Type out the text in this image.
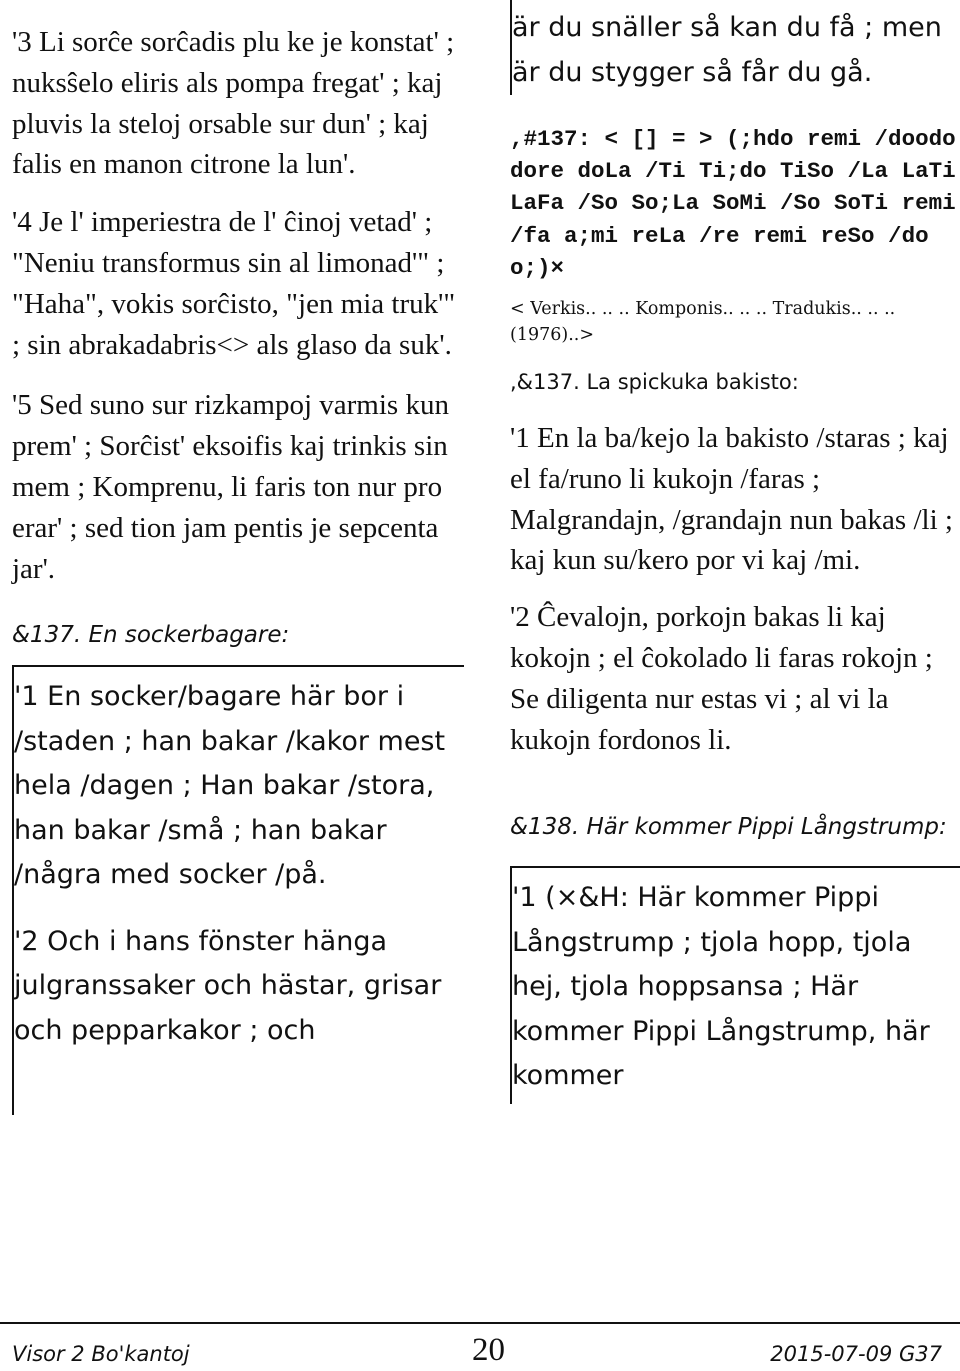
'3 Li sorĉe sorĉadis plu ke je konstat' ; nuksŝelo eliris als pompa fregat' ; kaj pluvis la steloj orsable sur dun' ; kaj falis en manon citrone la lun'.

'4 Je l' imperiestra de l' ĉinoj vetad' ; "Neniu transformus sin al limonad'" ; "Haha", vokis sorĉisto, "jen mia truk'" ; sin abrakadabris<> als glaso da suk'.

'5 Sed suno sur rizkampoj varmis kun prem' ; Sorĉist' eksoifis kaj trinkis sin mem ; Komprenu, li faris ton nur pro erar' ; sed tion jam pentis je sepcenta jar'.

&137. En sockerbagare:

'1 En socker/bagare här bor i /staden ; han bakar /kakor mest hela /dagen ; Han bakar /stora, han bakar /små ; han bakar /några med socker /på.

'2 Och i hans fönster hänga julgranssaker och hästar, grisar och pepparkakor ; och

är du snäller så kan du få ; men är du stygger så får du gå.

,#137: < [] = > (;hdo remi /doodo dore doLa /Ti Ti;do TiSo /La LaTi LaFa /So So;La SoMi /So SoTi remi /fa a;mi reLa /re remi reSo /do o;)×

< Verkis.. .. .. Komponis.. .. .. Tradukis.. .. .. (1976)..>

,&137. La spickuka bakisto:

'1 En la ba/kejo la bakisto /staras ; kaj el fa/runo li kukojn /faras ; Malgrandajn, /grandajn nun bakas /li ; kaj kun su/kero por vi kaj /mi.

'2 Ĉevalojn, porkojn bakas li kaj kokojn ; el ĉokolado li faras rokojn ; Se diligenta nur estas vi ; al vi la kukojn fordonos li.

&138. Här kommer Pippi Långstrump:

'1 (×&H: Här kommer Pippi Långstrump ; tjola hopp, tjola hej, tjola hoppsansa ; Här kommer Pippi Långstrump, här kommer

Visor 2 Bo'kantoj	20	2015-07-09 G37
